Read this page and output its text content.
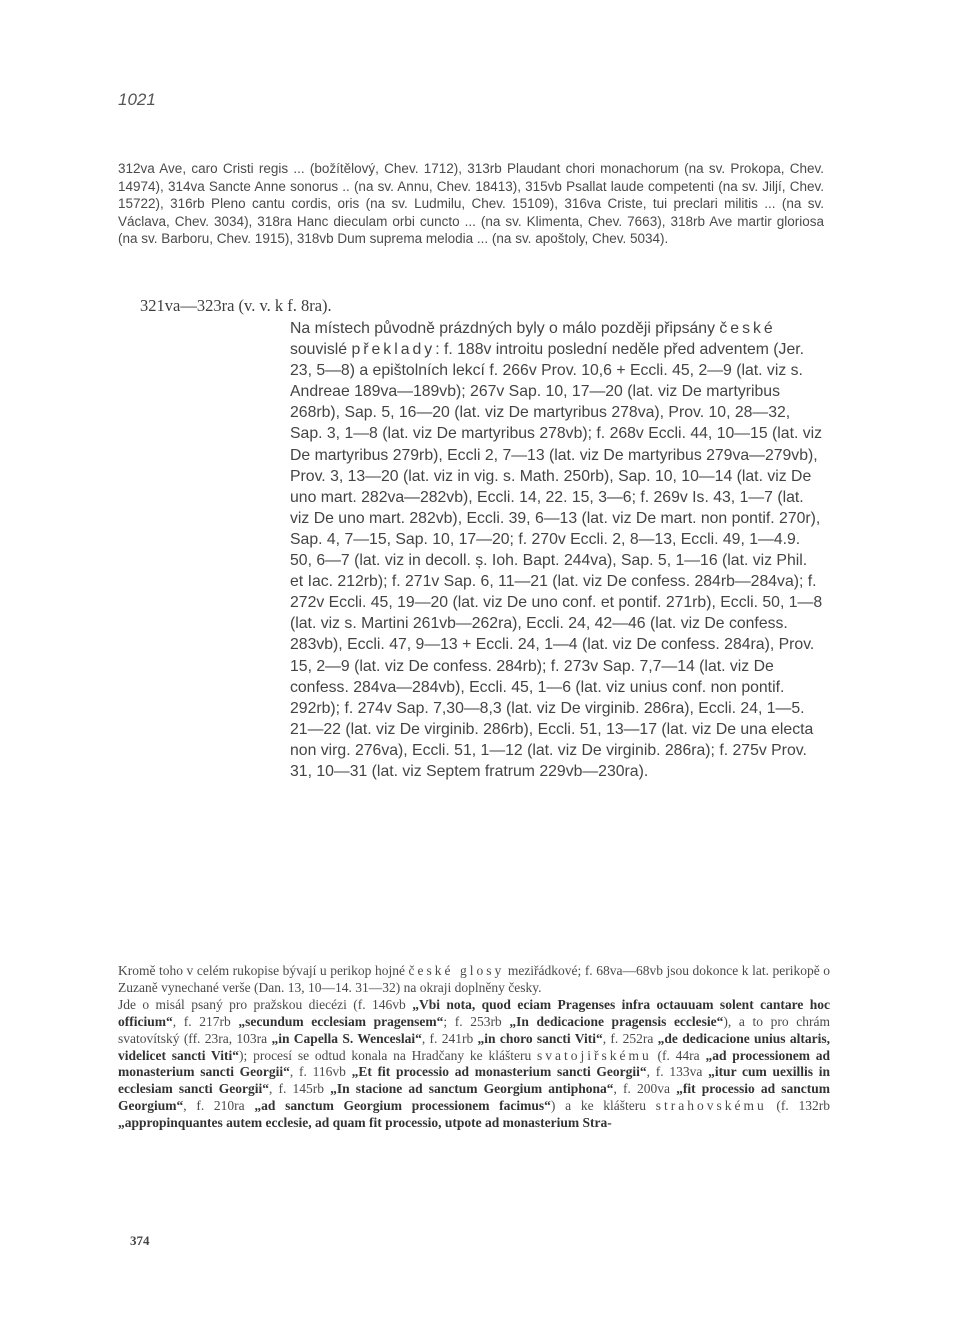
1021

312va Ave, caro Cristi regis ... (božítělový, Chev. 1712), 313rb Plaudant chori monachorum (na sv. Prokopa, Chev. 14974), 314va Sancte Anne sonorus .. (na sv. Annu, Chev. 18413), 315vb Psallat laude competenti (na sv. Jiljí, Chev. 15722), 316rb Pleno cantu cordis, oris (na sv. Ludmilu, Chev. 15109), 316va Criste, tui preclari militis ... (na sv. Václava, Chev. 3034), 318ra Hanc dieculam orbi cuncto ... (na sv. Klimenta, Chev. 7663), 318rb Ave martir gloriosa (na sv. Barboru, Chev. 1915), 318vb Dum suprema melodia ... (na sv. apoštoly, Chev. 5034).

321va—323ra (v. v. k f. 8ra).

Na místech původně prázdných byly o málo později připsány české souvislé překlady: f. 188v introitu poslední neděle před adventem (Jer. 23, 5—8) a epištolních lekcí f. 266v Prov. 10,6 + Eccli. 45, 2—9 (lat. viz s. Andreae 189va—189vb); 267v Sap. 10, 17—20 (lat. viz De martyribus 268rb), Sap. 5, 16—20 (lat. viz De martyribus 278va), Prov. 10, 28—32, Sap. 3, 1—8 (lat. viz De martyribus 278vb); f. 268v Eccli. 44, 10—15 (lat. viz De martyribus 279rb), Eccli 2, 7—13 (lat. viz De martyribus 279va—279vb), Prov. 3, 13—20 (lat. viz in vig. s. Math. 250rb), Sap. 10, 10—14 (lat. viz De uno mart. 282va—282vb), Eccli. 14, 22. 15, 3—6; f. 269v Is. 43, 1—7 (lat. viz De uno mart. 282vb), Eccli. 39, 6—13 (lat. viz De mart. non pontif. 270r), Sap. 4, 7—15, Sap. 10, 17—20; f. 270v Eccli. 2, 8—13, Eccli. 49, 1—4.9. 50, 6—7 (lat. viz in decoll. ș. Ioh. Bapt. 244va), Sap. 5, 1—16 (lat. viz Phil. et Iac. 212rb); f. 271v Sap. 6, 11—21 (lat. viz De confess. 284rb—284va); f. 272v Eccli. 45, 19—20 (lat. viz De uno conf. et pontif. 271rb), Eccli. 50, 1—8 (lat. viz s. Martini 261vb—262ra), Eccli. 24, 42—46 (lat. viz De confess. 283vb), Eccli. 47, 9—13 + Eccli. 24, 1—4 (lat. viz De confess. 284ra), Prov. 15, 2—9 (lat. viz De confess. 284rb); f. 273v Sap. 7,7—14 (lat. viz De confess. 284va—284vb), Eccli. 45, 1—6 (lat. viz unius conf. non pontif. 292rb); f. 274v Sap. 7,30—8,3 (lat. viz De virginib. 286ra), Eccli. 24, 1—5. 21—22 (lat. viz De virginib. 286rb), Eccli. 51, 13—17 (lat. viz De una electa non virg. 276va), Eccli. 51, 1—12 (lat. viz De virginib. 286ra); f. 275v Prov. 31, 10—31 (lat. viz Septem fratrum 229vb—230ra).

Kromě toho v celém rukopise bývají u perikop hojné české glosy meziřádkové; f. 68va—68vb jsou dokonce k lat. perikopě o Zuzaně vynechané verše (Dan. 13, 10—14. 31—32) na okraji doplněny česky.

Jde o misál psaný pro pražskou diecézi (f. 146vb „Vbi nota, quod eciam Pragenses infra octauuam solent cantare hoc officium“, f. 217rb „secundum ecclesiam pragensem“; f. 253rb „In dedicacione pragensis ecclesie“), a to pro chrám svatovítský (ff. 23ra, 103ra „in Capella S. Wenceslai“, f. 241rb „in choro sancti Viti“, f. 252ra „de dedicacione unius altaris, videlicet sancti Viti“); procesí se odtud konala na Hradčany ke klášteru svatojiřskému (f. 44ra „ad processionem ad monasterium sancti Georgii“, f. 116vb „Et fit processio ad monasterium sancti Georgii“, f. 133va „itur cum uexillis in ecclesiam sancti Georgii“, f. 145rb „In stacione ad sanctum Georgium antiphona“, f. 200va „fit processio ad sanctum Georgium“, f. 210ra „ad sanctum Georgium processionem facimus“) a ke klášteru strahovskému (f. 132rb „appropinquantes autem ecclesie, ad quam fit processio, utpote ad monasterium Stra-

374
